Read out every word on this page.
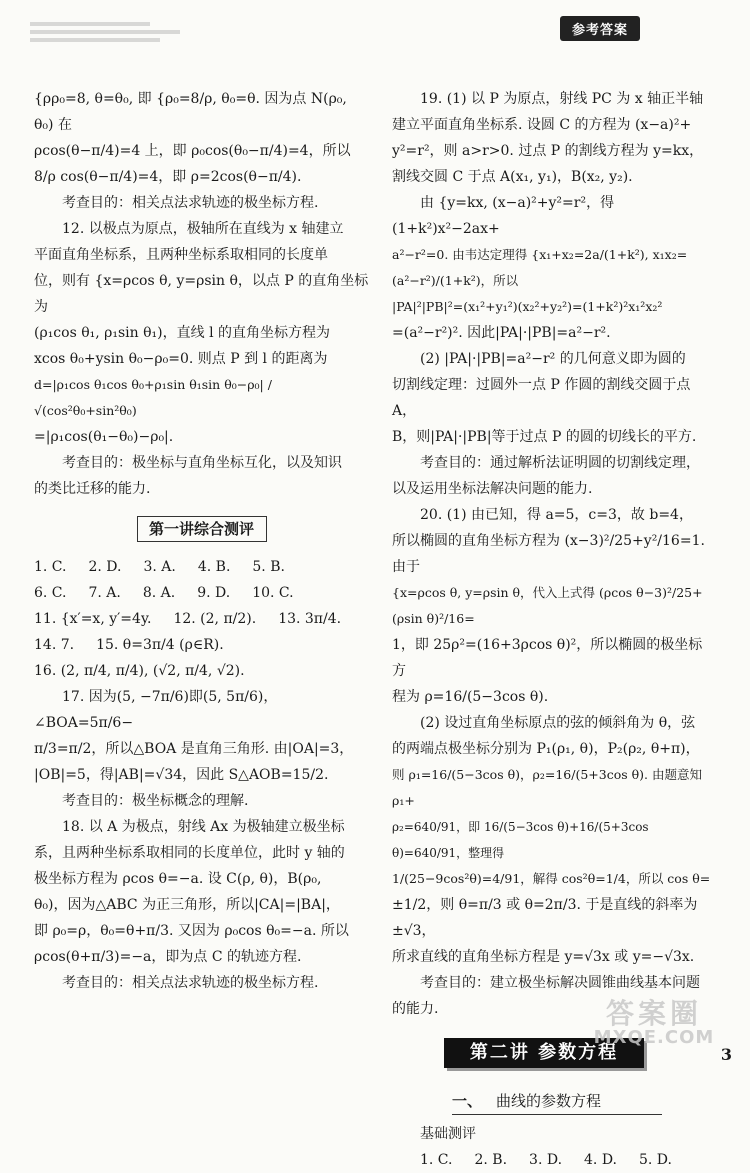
参考答案

{ρρ₀=8, θ=θ₀, 即 {ρ₀=8/ρ, θ₀=θ. 因为点 N(ρ₀, θ₀) 在

ρcos(θ−π/4)=4 上，即 ρ₀cos(θ₀−π/4)=4，所以

8/ρ cos(θ−π/4)=4，即 ρ=2cos(θ−π/4).

考查目的：相关点法求轨迹的极坐标方程.

12. 以极点为原点，极轴所在直线为 x 轴建立

平面直角坐标系，且两种坐标系取相同的长度单

位，则有 {x=ρcos θ, y=ρsin θ，以点 P 的直角坐标为

(ρ₁cos θ₁, ρ₁sin θ₁)，直线 l 的直角坐标方程为

xcos θ₀+ysin θ₀−ρ₀=0. 则点 P 到 l 的距离为

d=|ρ₁cos θ₁cos θ₀+ρ₁sin θ₁sin θ₀−ρ₀| / √(cos²θ₀+sin²θ₀)

=|ρ₁cos(θ₁−θ₀)−ρ₀|.

考查目的：极坐标与直角坐标互化，以及知识

的类比迁移的能力.

第一讲综合测评
1. C. 2. D. 3. A. 4. B. 5. B.
6. C. 7. A. 8. A. 9. D. 10. C.
11. {x′=x, y′=4y. 12. (2, π/2). 13. 3π/4.
14. 7. 15. θ=3π/4 (ρ∈R).
16. (2, π/4, π/4), (√2, π/4, √2).

17. 因为(5, −7π/6)即(5, 5π/6)，∠BOA=5π/6−

π/3=π/2，所以△BOA 是直角三角形. 由|OA|=3，

|OB|=5，得|AB|=√34，因此 S△AOB=15/2.

考查目的：极坐标概念的理解.

18. 以 A 为极点，射线 Ax 为极轴建立极坐标

系，且两种坐标系取相同的长度单位，此时 y 轴的

极坐标方程为 ρcos θ=−a. 设 C(ρ, θ)，B(ρ₀,

θ₀)，因为△ABC 为正三角形，所以|CA|=|BA|，

即 ρ₀=ρ，θ₀=θ+π/3. 又因为 ρ₀cos θ₀=−a. 所以

ρcos(θ+π/3)=−a，即为点 C 的轨迹方程.

考查目的：相关点法求轨迹的极坐标方程.

19. (1) 以 P 为原点，射线 PC 为 x 轴正半轴

建立平面直角坐标系. 设圆 C 的方程为 (x−a)²+

y²=r²，则 a>r>0. 过点 P 的割线方程为 y=kx，

割线交圆 C 于点 A(x₁, y₁)，B(x₂, y₂).

由 {y=kx, (x−a)²+y²=r²，得 (1+k²)x²−2ax+

a²−r²=0. 由韦达定理得 {x₁+x₂=2a/(1+k²), x₁x₂=(a²−r²)/(1+k²)，所以

|PA|²|PB|²=(x₁²+y₁²)(x₂²+y₂²)=(1+k²)²x₁²x₂²

=(a²−r²)². 因此|PA|·|PB|=a²−r².

(2) |PA|·|PB|=a²−r² 的几何意义即为圆的

切割线定理：过圆外一点 P 作圆的割线交圆于点 A，

B，则|PA|·|PB|等于过点 P 的圆的切线长的平方.

考查目的：通过解析法证明圆的切割线定理，

以及运用坐标法解决问题的能力.

20. (1) 由已知，得 a=5，c=3，故 b=4，

所以椭圆的直角坐标方程为 (x−3)²/25+y²/16=1. 由于

{x=ρcos θ, y=ρsin θ，代入上式得 (ρcos θ−3)²/25+(ρsin θ)²/16=

1，即 25ρ²=(16+3ρcos θ)²，所以椭圆的极坐标方

程为 ρ=16/(5−3cos θ).

(2) 设过直角坐标原点的弦的倾斜角为 θ，弦

的两端点极坐标分别为 P₁(ρ₁, θ)，P₂(ρ₂, θ+π)，

则 ρ₁=16/(5−3cos θ)，ρ₂=16/(5+3cos θ). 由题意知 ρ₁+

ρ₂=640/91，即 16/(5−3cos θ)+16/(5+3cos θ)=640/91，整理得

1/(25−9cos²θ)=4/91，解得 cos²θ=1/4，所以 cos θ=

±1/2，则 θ=π/3 或 θ=2π/3. 于是直线的斜率为±√3，

所求直线的直角坐标方程是 y=√3x 或 y=−√3x.

考查目的：建立极坐标解决圆锥曲线基本问题

的能力.

第二讲 参数方程
一、 曲线的参数方程

基础测评

1. C. 2. B. 3. D. 4. D. 5. D.
答案圈
MXQE.COM
3
